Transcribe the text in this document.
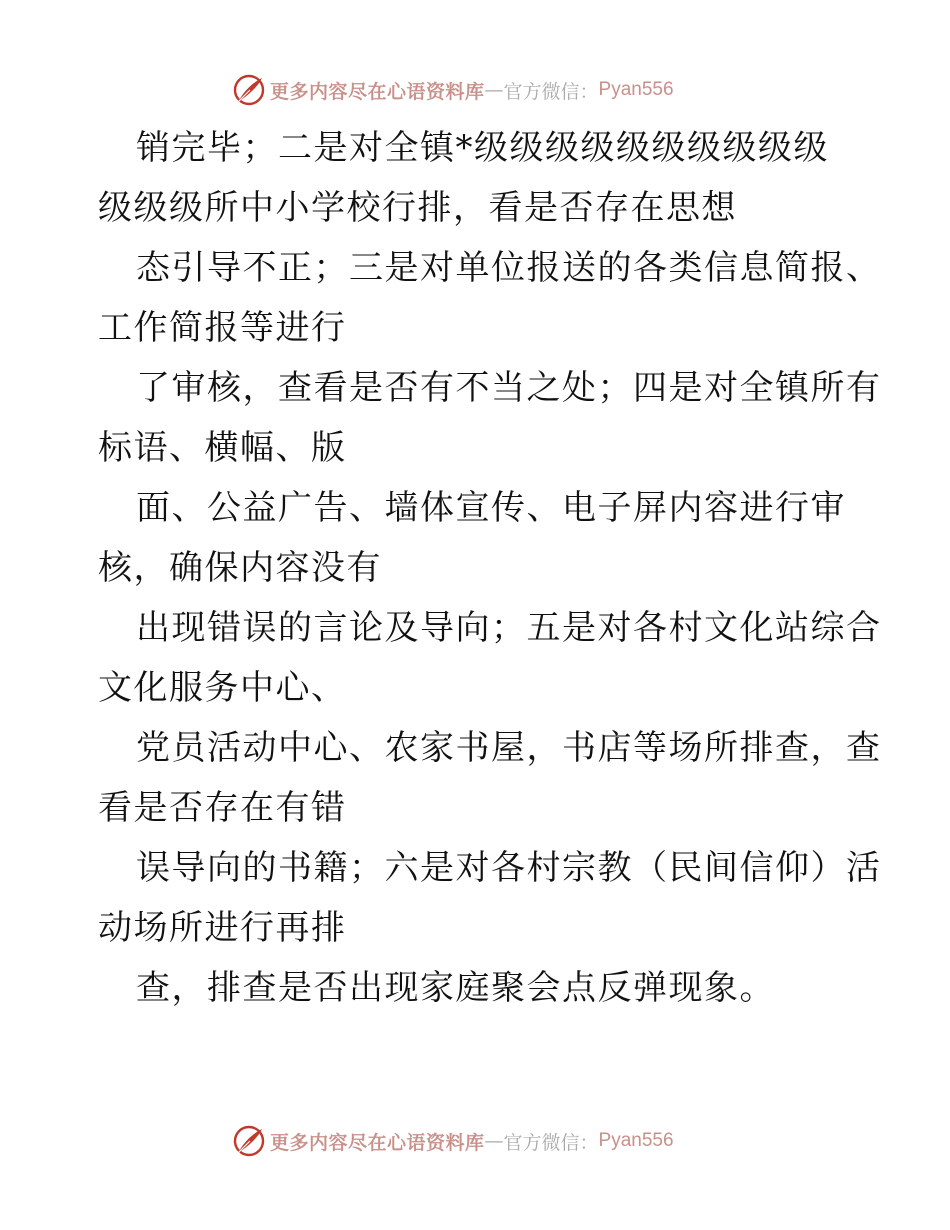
更多内容尽在心语资料库 — 官方微信： Pyan556

销完毕；二是对全镇*级级级级级级级级级级
级级级所中小学校行排，看是否存在思想

态引导不正；三是对单位报送的各类信息简报、
工作简报等进行

了审核，查看是否有不当之处；四是对全镇所有
标语、横幅、版

面、公益广告、墙体宣传、电子屏内容进行审
核，确保内容没有

出现错误的言论及导向；五是对各村文化站综合
文化服务中心、

党员活动中心、农家书屋，书店等场所排查，查
看是否存在有错

误导向的书籍；六是对各村宗教（民间信仰）活
动场所进行再排

查，排查是否出现家庭聚会点反弹现象。

更多内容尽在心语资料库 — 官方微信： Pyan556
